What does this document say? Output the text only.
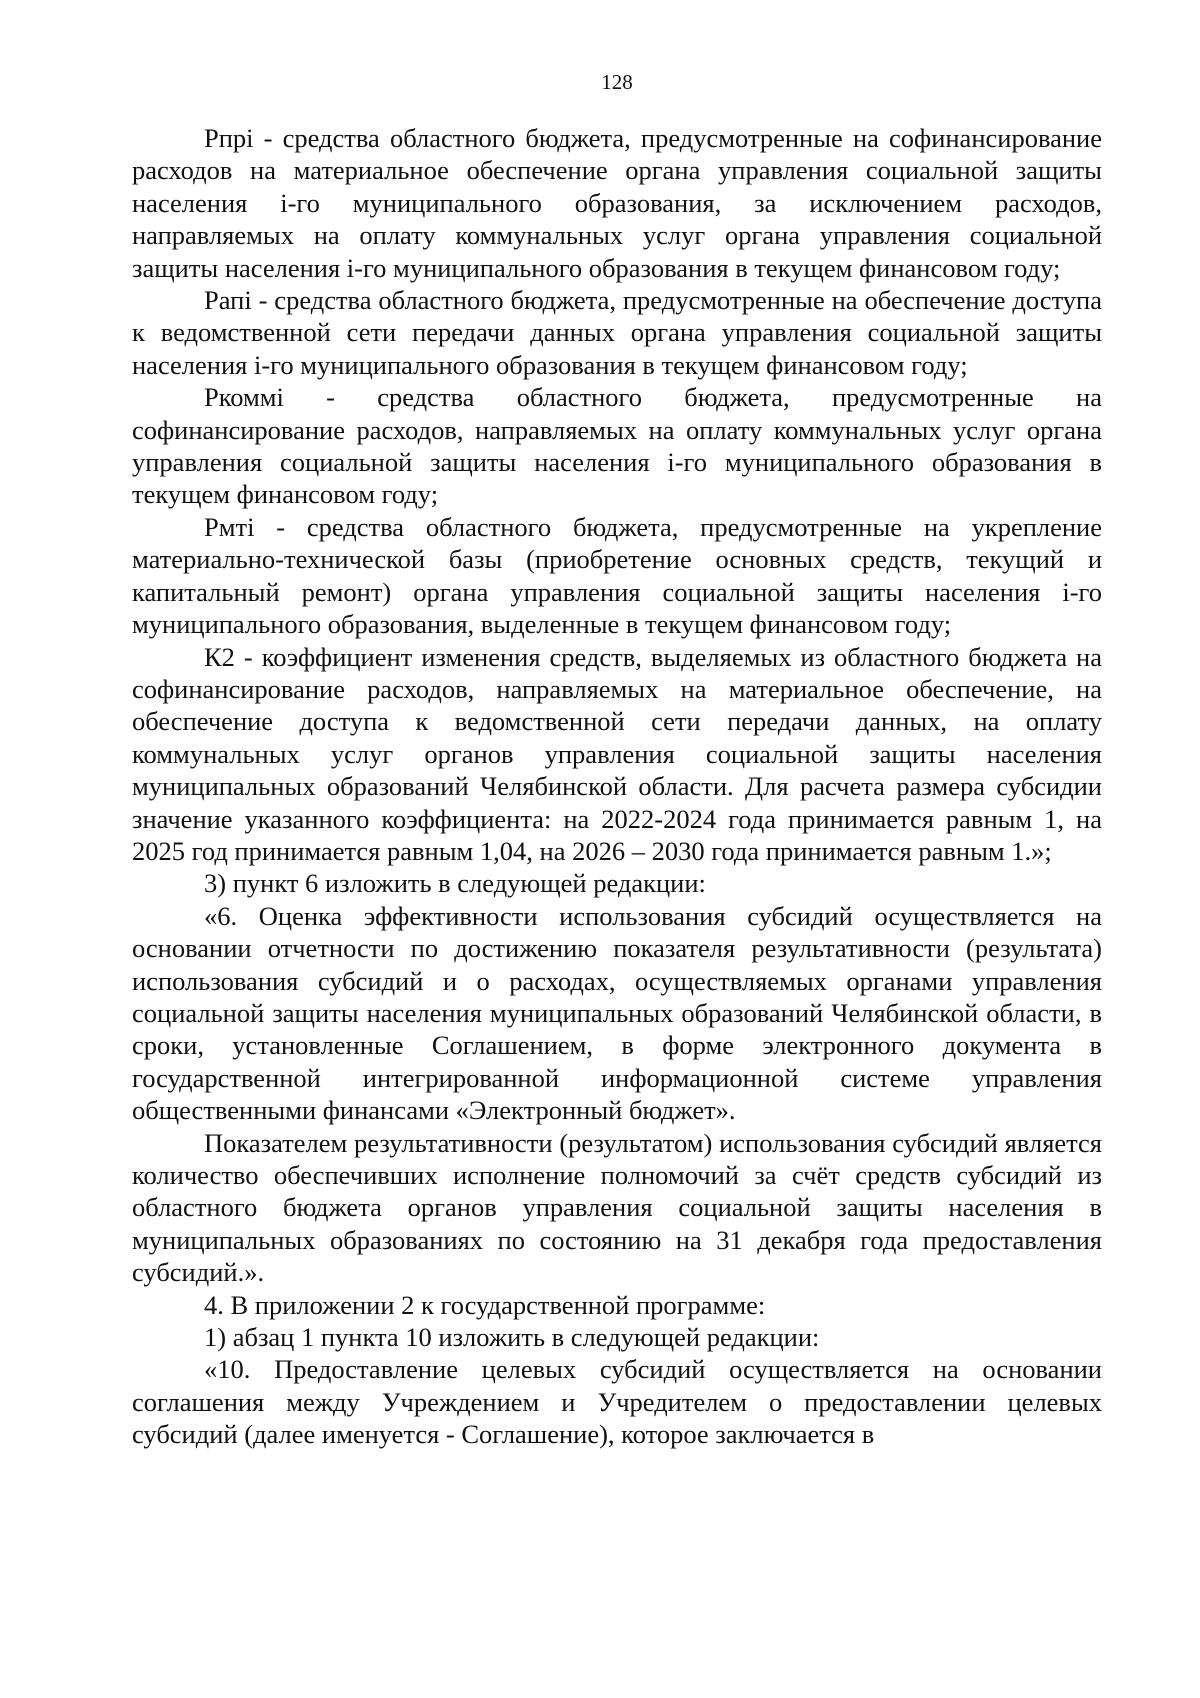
128

Рпрi - средства областного бюджета, предусмотренные на софинансирование расходов на материальное обеспечение органа управления социальной защиты населения i-го муниципального образования, за исключением расходов, направляемых на оплату коммунальных услуг органа управления социальной защиты населения i-го муниципального образования в текущем финансовом году;

Рапi - средства областного бюджета, предусмотренные на обеспечение доступа к ведомственной сети передачи данных органа управления социальной защиты населения i-го муниципального образования в текущем финансовом году;

Ркоммi - средства областного бюджета, предусмотренные на софинансирование расходов, направляемых на оплату коммунальных услуг органа управления социальной защиты населения i-го муниципального образования в текущем финансовом году;

Рмтi - средства областного бюджета, предусмотренные на укрепление материально-технической базы (приобретение основных средств, текущий и капитальный ремонт) органа управления социальной защиты населения i-го муниципального образования, выделенные в текущем финансовом году;

К2 - коэффициент изменения средств, выделяемых из областного бюджета на софинансирование расходов, направляемых на материальное обеспечение, на обеспечение доступа к ведомственной сети передачи данных, на оплату коммунальных услуг органов управления социальной защиты населения муниципальных образований Челябинской области. Для расчета размера субсидии значение указанного коэффициента: на 2022-2024 года принимается равным 1, на 2025 год принимается равным 1,04, на 2026 – 2030 года принимается равным 1.»;

3) пункт 6 изложить в следующей редакции:

«6. Оценка эффективности использования субсидий осуществляется на основании отчетности по достижению показателя результативности (результата) использования субсидий и о расходах, осуществляемых органами управления социальной защиты населения муниципальных образований Челябинской области, в сроки, установленные Соглашением, в форме электронного документа в государственной интегрированной информационной системе управления общественными финансами «Электронный бюджет».

Показателем результативности (результатом) использования субсидий является количество обеспечивших исполнение полномочий за счёт средств субсидий из областного бюджета органов управления социальной защиты населения в муниципальных образованиях по состоянию на 31 декабря года предоставления субсидий.».

4. В приложении 2 к государственной программе:

1) абзац 1 пункта 10 изложить в следующей редакции:

«10. Предоставление целевых субсидий осуществляется на основании соглашения между Учреждением и Учредителем о предоставлении целевых субсидий (далее именуется - Соглашение), которое заключается в
